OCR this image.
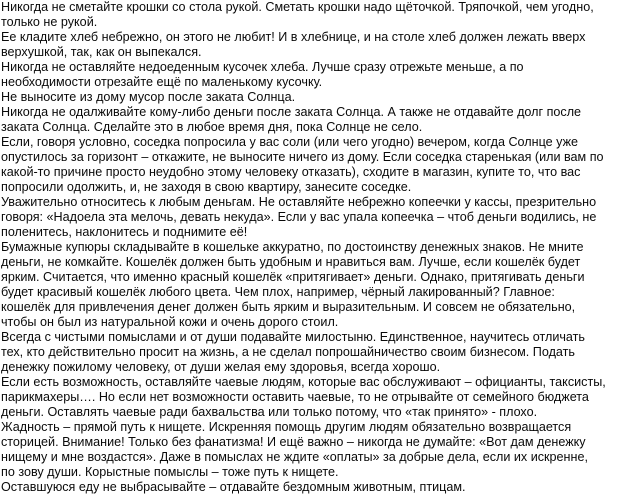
Никогда не сметайте крошки со стола рукой. Сметать крошки надо щёточкой. Тряпочкой, чем угодно,
только не рукой.
Ее кладите хлеб небрежно, он этого не любит! И в хлебнице, и на столе хлеб должен лежать вверх
верхушкой, так, как он выпекался.
Никогда не оставляйте недоеденным кусочек хлеба. Лучше сразу отрежьте меньше, а по
необходимости отрезайте ещё по маленькому кусочку.
Не выносите из дому мусор после заката Солнца.
Никогда не одалживайте кому-либо деньги после заката Солнца. А также не отдавайте долг после
заката Солнца. Сделайте это в любое время дня, пока Солнце не село.
Если, говоря условно, соседка попросила у вас соли (или чего угодно) вечером, когда Солнце уже
опустилось за горизонт – откажите, не выносите ничего из дому. Если соседка старенькая (или вам по
какой-то причине просто неудобно этому человеку отказать), сходите в магазин, купите то, что вас
попросили одолжить, и, не заходя в свою квартиру, занесите соседке.
Уважительно относитесь к любым деньгам. Не оставляйте небрежно копеечки у кассы, презрительно
говоря: «Надоела эта мелочь, девать некуда». Если у вас упала копеечка – чтоб деньги водились, не
поленитесь, наклонитесь и поднимите её!
Бумажные купюры складывайте в кошельке аккуратно, по достоинству денежных знаков. Не мните
деньги, не комкайте. Кошелёк должен быть удобным и нравиться вам. Лучше, если кошелёк будет
ярким. Считается, что именно красный кошелёк «притягивает» деньги. Однако, притягивать деньги
будет красивый кошелёк любого цвета. Чем плох, например, чёрный лакированный? Главное:
кошелёк для привлечения денег должен быть ярким и выразительным. И совсем не обязательно,
чтобы он был из натуральной кожи и очень дорого стоил.
Всегда с чистыми помыслами и от души подавайте милостыню. Единственное, научитесь отличать
тех, кто действительно просит на жизнь, а не сделал попрошайничество своим бизнесом. Подать
денежку пожилому человеку, от души желая ему здоровья, всегда хорошо.
Если есть возможность, оставляйте чаевые людям, которые вас обслуживают – официанты, таксисты,
парикмахеры…. Но если нет возможности оставить чаевые, то не отрывайте от семейного бюджета
деньги. Оставлять чаевые ради бахвальства или только потому, что «так принято» - плохо.
Жадность – прямой путь к нищете. Искренняя помощь другим людям обязательно возвращается
сторицей. Внимание! Только без фанатизма! И ещё важно – никогда не думайте: «Вот дам денежку
нищему и мне воздастся». Даже в помыслах не ждите «оплаты» за добрые дела, если их искренне,
по зову души. Корыстные помыслы – тоже путь к нищете.
Оставшуюся еду не выбрасывайте – отдавайте бездомным животным, птицам.
